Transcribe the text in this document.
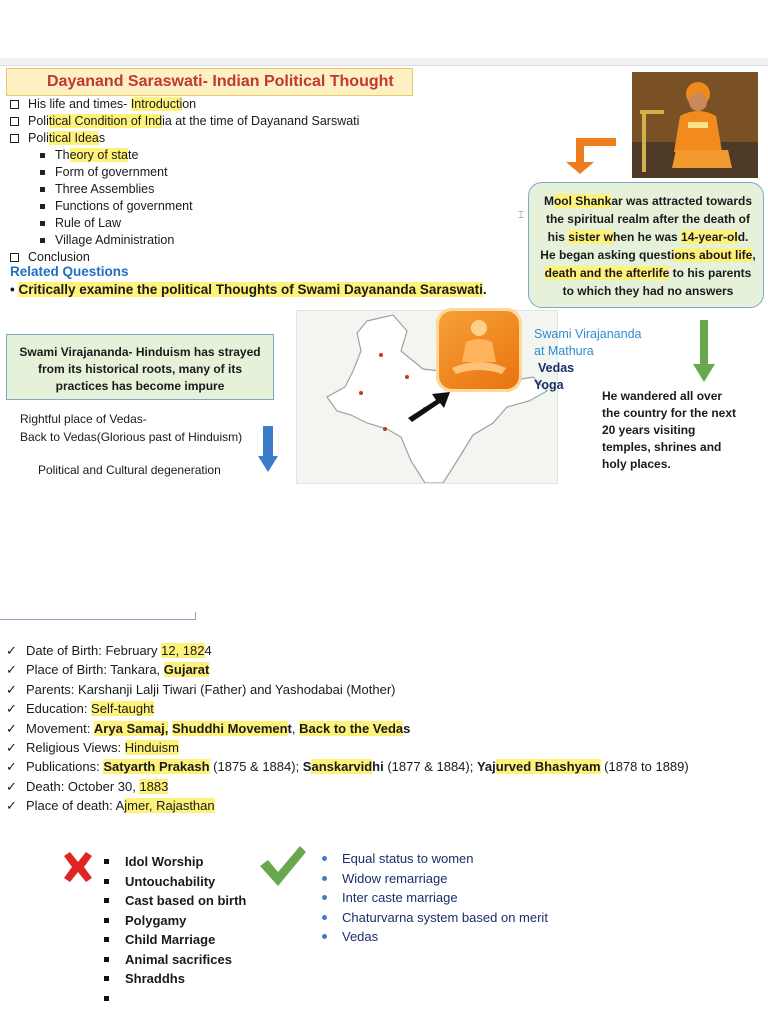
Dayanand Saraswati- Indian Political Thought
His life and times- Introduction
Political Condition of India at the time of Dayanand Sarswati
Political Ideas
Theory of state
Form of government
Three Assemblies
Functions of government
Rule of Law
Village Administration
Conclusion
Related Questions
• Critically examine the political Thoughts of Swami Dayananda Saraswati.
Mool Shankar was attracted towards
the spiritual realm after the death of
his sister when he was 14-year-old.
He began asking questions about life,
death and the afterlife to his parents
to which they had no answers
⌶
Swami Virajananda- Hinduism has strayed from its historical roots, many of its practices has become impure
Rightful place of Vedas-
Back to Vedas(Glorious past of Hinduism)
Political and Cultural degeneration
Swami Virajananda
at Mathura
Vedas
Yoga
He wandered all over
the country for the next
20 years visiting
temples, shrines and
holy places.
✓ Date of Birth: February 12, 1824
✓ Place of Birth: Tankara, Gujarat
✓ Parents: Karshanji Lalji Tiwari (Father) and Yashodabai (Mother)
✓ Education: Self-taught
✓ Movement: Arya Samaj, Shuddhi Movement, Back to the Vedas
✓ Religious Views: Hinduism
✓ Publications: Satyarth Prakash (1875 & 1884); Sanskarvidhi (1877 & 1884); Yajurved Bhashyam (1878 to 1889)
✓ Death: October 30, 1883
✓ Place of death: Ajmer, Rajasthan
Idol Worship
Untouchability
Cast based on birth
Polygamy
Child Marriage
Animal sacrifices
Shraddhs
Equal status to women
Widow remarriage
Inter caste marriage
Chaturvarna system based on merit
Vedas
